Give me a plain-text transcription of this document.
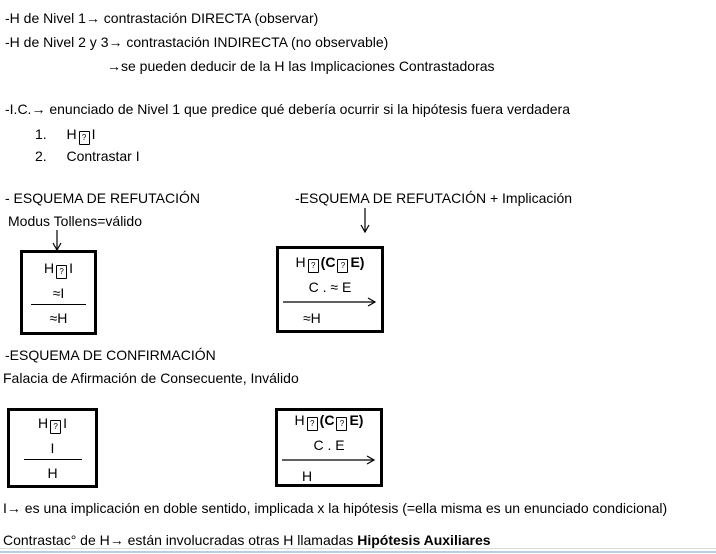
-H de Nivel 1→ contrastación DIRECTA (observar)
-H de Nivel 2 y 3→ contrastación INDIRECTA (no observable)
→se pueden deducir de la H las Implicaciones Contrastadoras
-I.C.→ enunciado de Nivel 1 que predice qué debería ocurrir si la hipótesis fuera verdadera
1. H ? I
2. Contrastar I
- ESQUEMA DE REFUTACIÓN	-ESQUEMA DE REFUTACIÓN + Implicación
Modus Tollens=válido
H ? I
≈I
≈H
H ? (C ? E)
C . ≈ E
≈H
-ESQUEMA DE CONFIRMACIÓN
Falacia de Afirmación de Consecuente, Inválido
H ? I
I
H
H ? (C ? E)
C . E
H
I→ es una implicación en doble sentido, implicada x la hipótesis (=ella misma es un enunciado condicional)
Contrastac° de H→ están involucradas otras H llamadas Hipótesis Auxiliares
